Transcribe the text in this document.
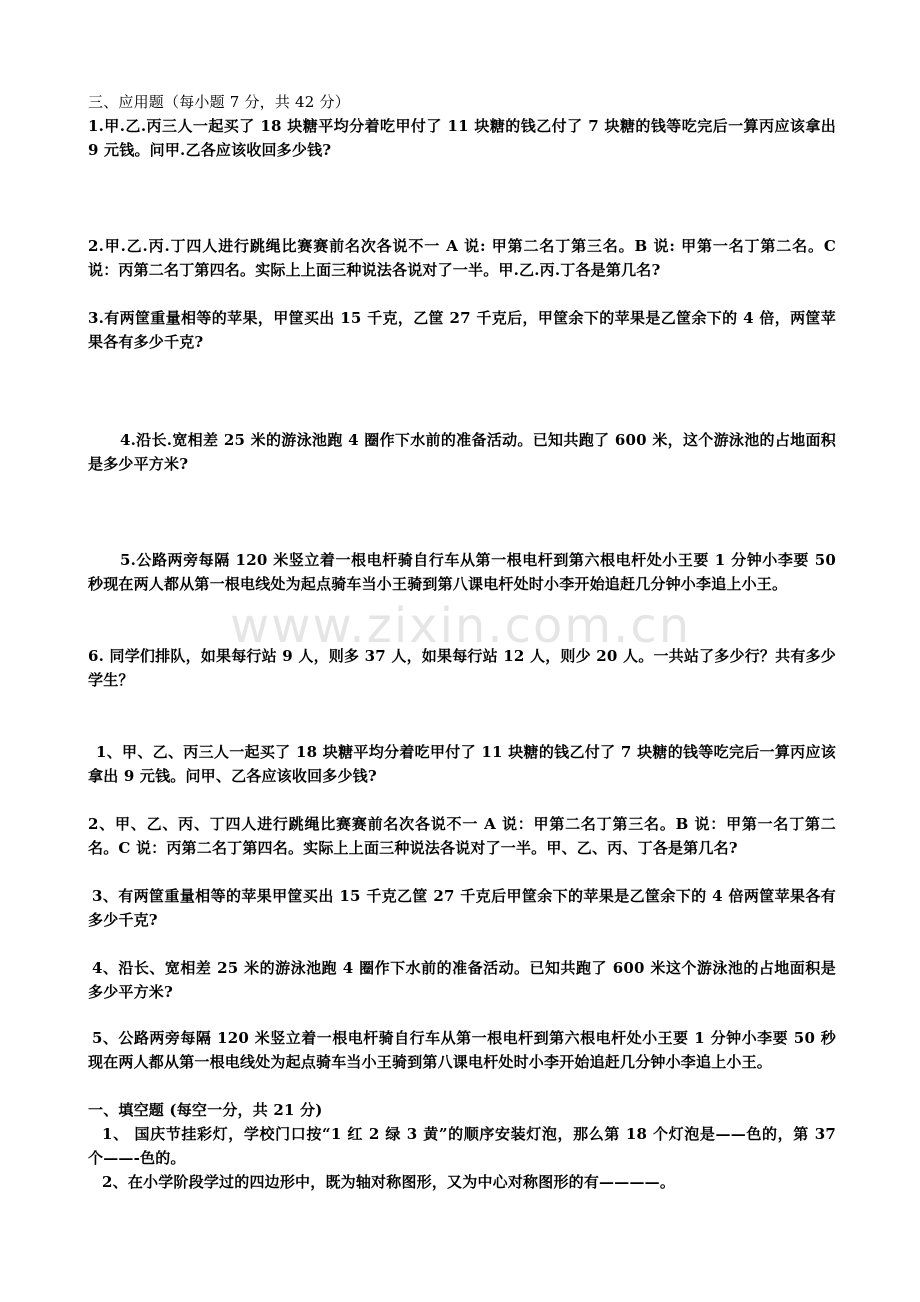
www.zixin.com.cn

三、应用题（每小题 7 分，共 42 分）

1.甲.乙.丙三人一起买了 18 块糖平均分着吃甲付了 11 块糖的钱乙付了 7 块糖的钱等吃完后一算丙应该拿出 9 元钱。问甲.乙各应该收回多少钱?

2.甲.乙.丙.丁四人进行跳绳比赛赛前名次各说不一 A 说: 甲第二名丁第三名。B 说: 甲第一名丁第二名。C 说：丙第二名丁第四名。实际上上面三种说法各说对了一半。甲.乙.丙.丁各是第几名?

3.有两筐重量相等的苹果，甲筐买出 15 千克，乙筐 27 千克后，甲筐余下的苹果是乙筐余下的 4 倍，两筐苹果各有多少千克?

4.沿长.宽相差 25 米的游泳池跑 4 圈作下水前的准备活动。已知共跑了 600 米，这个游泳池的占地面积是多少平方米?

5.公路两旁每隔 120 米竖立着一根电杆骑自行车从第一根电杆到第六根电杆处小王要 1 分钟小李要 50 秒现在两人都从第一根电线处为起点骑车当小王骑到第八课电杆处时小李开始追赶几分钟小李追上小王。

6. 同学们排队，如果每行站 9 人，则多 37 人，如果每行站 12 人，则少 20 人。一共站了多少行？共有多少学生？

1、甲、乙、丙三人一起买了 18 块糖平均分着吃甲付了 11 块糖的钱乙付了 7 块糖的钱等吃完后一算丙应该拿出 9 元钱。问甲、乙各应该收回多少钱?

2、甲、乙、丙、丁四人进行跳绳比赛赛前名次各说不一 A 说：甲第二名丁第三名。B 说：甲第一名丁第二名。C 说：丙第二名丁第四名。实际上上面三种说法各说对了一半。甲、乙、丙、丁各是第几名?

3、有两筐重量相等的苹果甲筐买出 15 千克乙筐 27 千克后甲筐余下的苹果是乙筐余下的 4 倍两筐苹果各有多少千克?

4、沿长、宽相差 25 米的游泳池跑 4 圈作下水前的准备活动。已知共跑了 600 米这个游泳池的占地面积是多少平方米?

5、公路两旁每隔 120 米竖立着一根电杆骑自行车从第一根电杆到第六根电杆处小王要 1 分钟小李要 50 秒现在两人都从第一根电线处为起点骑车当小王骑到第八课电杆处时小李开始追赶几分钟小李追上小王。

一、填空题 (每空一分，共 21 分)

1、 国庆节挂彩灯，学校门口按“1 红 2 绿 3 黄”的顺序安装灯泡，那么第 18 个灯泡是——色的，第 37 个——-色的。

2、在小学阶段学过的四边形中，既为轴对称图形，又为中心对称图形的有————。
